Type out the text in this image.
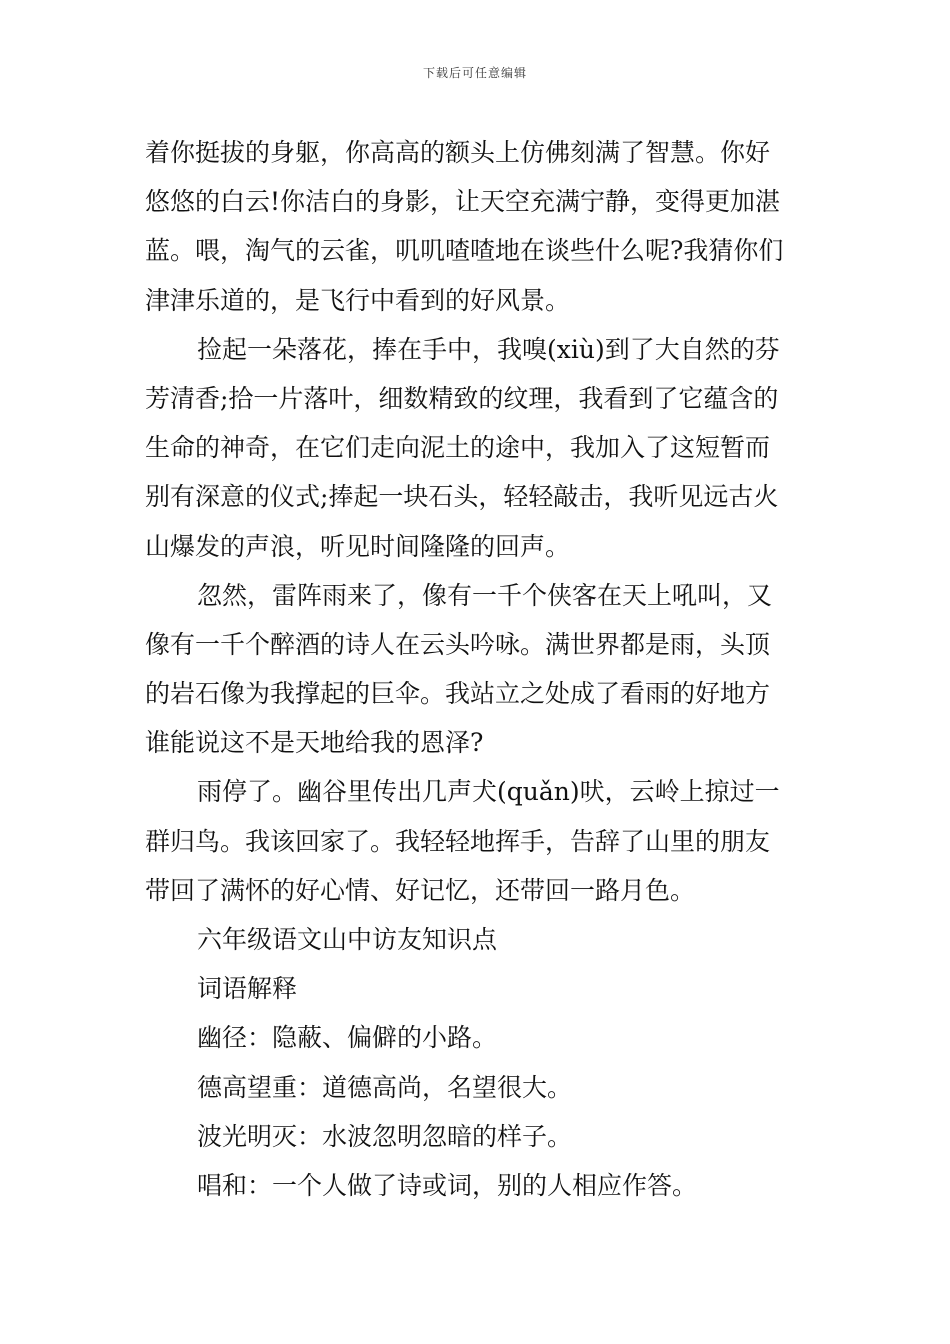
下载后可任意编辑
着你挺拔的身躯，你高高的额头上仿佛刻满了智慧。你好
悠悠的白云!你洁白的身影，让天空充满宁静，变得更加湛
蓝。喂，淘气的云雀，叽叽喳喳地在谈些什么呢?我猜你们
津津乐道的，是飞行中看到的好风景。
捡起一朵落花，捧在手中，我嗅(xiù)到了大自然的芬
芳清香;拾一片落叶，细数精致的纹理，我看到了它蕴含的
生命的神奇，在它们走向泥土的途中，我加入了这短暂而
别有深意的仪式;捧起一块石头，轻轻敲击，我听见远古火
山爆发的声浪，听见时间隆隆的回声。
忽然，雷阵雨来了，像有一千个侠客在天上吼叫，又
像有一千个醉酒的诗人在云头吟咏。满世界都是雨，头顶
的岩石像为我撑起的巨伞。我站立之处成了看雨的好地方
谁能说这不是天地给我的恩泽?
雨停了。幽谷里传出几声犬(quǎn)吠，云岭上掠过一
群归鸟。我该回家了。我轻轻地挥手，告辞了山里的朋友
带回了满怀的好心情、好记忆，还带回一路月色。
六年级语文山中访友知识点
词语解释
幽径：隐蔽、偏僻的小路。
德高望重：道德高尚，名望很大。
波光明灭：水波忽明忽暗的样子。
唱和：一个人做了诗或词，别的人相应作答。
